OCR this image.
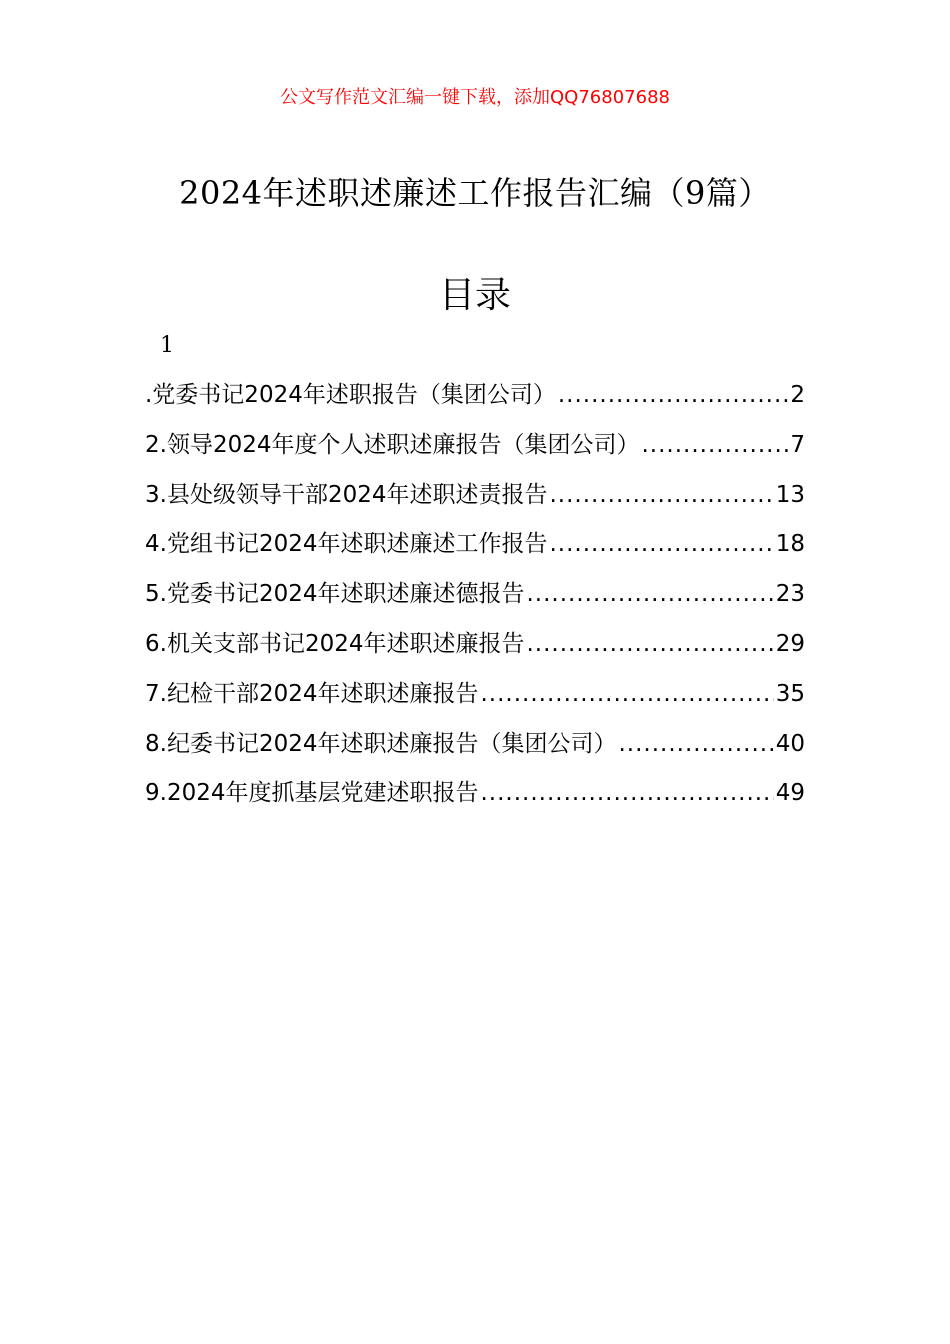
公文写作范文汇编一键下载，添加QQ76807688
2024年述职述廉述工作报告汇编（9篇）
目录
1
.党委书记2024年述职报告（集团公司） .....	2
2.领导2024年度个人述职述廉报告（集团公司） .....	7
3.县处级领导干部2024年述职述责报告 .....	13
4.党组书记2024年述职述廉述工作报告 .....	18
5.党委书记2024年述职述廉述德报告 .....	23
6.机关支部书记2024年述职述廉报告 .....	29
7.纪检干部2024年述职述廉报告 .....	35
8.纪委书记2024年述职述廉报告（集团公司） .....	40
9.2024年度抓基层党建述职报告 .....	49
